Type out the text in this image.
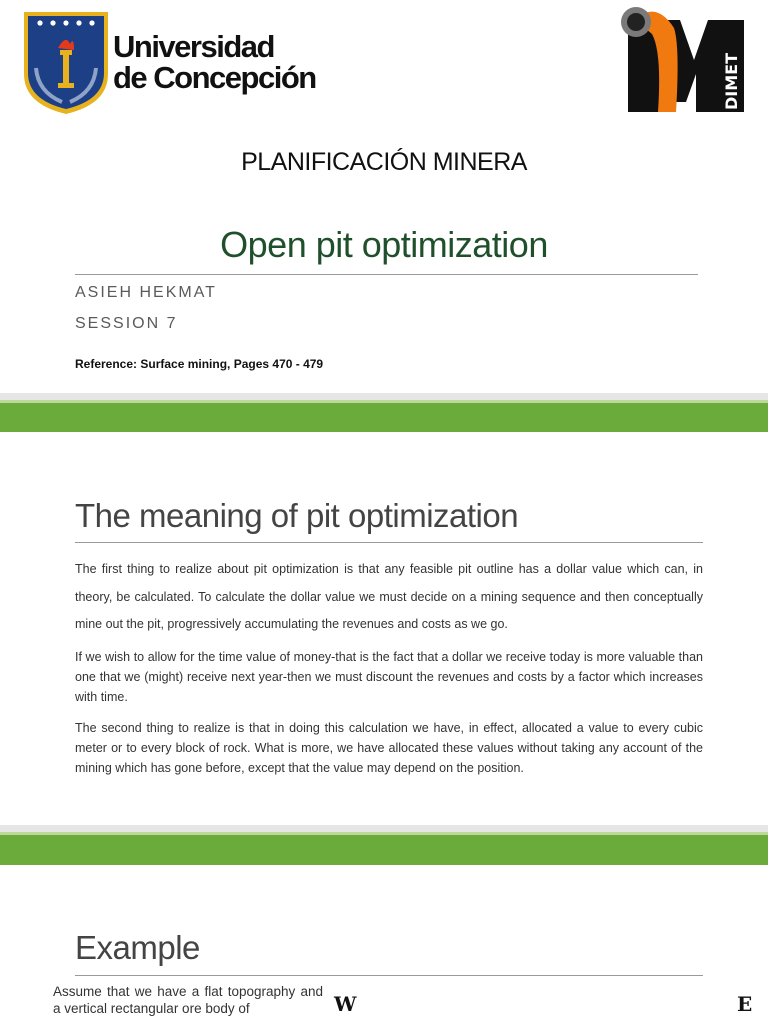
Universidad
de Concepción	DIMET
PLANIFICACIÓN MINERA
Open pit optimization
ASIEH HEKMAT
SESSION 7
Reference: Surface mining, Pages 470 - 479
The meaning of pit optimization

The first thing to realize about pit optimization is that any feasible pit outline has a dollar value which can, in theory, be calculated. To calculate the dollar value we must decide on a mining sequence and then conceptually mine out the pit, progressively accumulating the revenues and costs as we go.

If we wish to allow for the time value of money-that is the fact that a dollar we receive today is more valuable than one that we (might) receive next year-then we must discount the revenues and costs by a factor which increases with time.

The second thing to realize is that in doing this calculation we have, in effect, allocated a value to every cubic meter or to every block of rock. What is more, we have allocated these values without taking any account of the mining which has gone before, except that the value may depend on the position.

Example

Assume that we have a flat topography and a vertical rectangular ore body of	W	E
